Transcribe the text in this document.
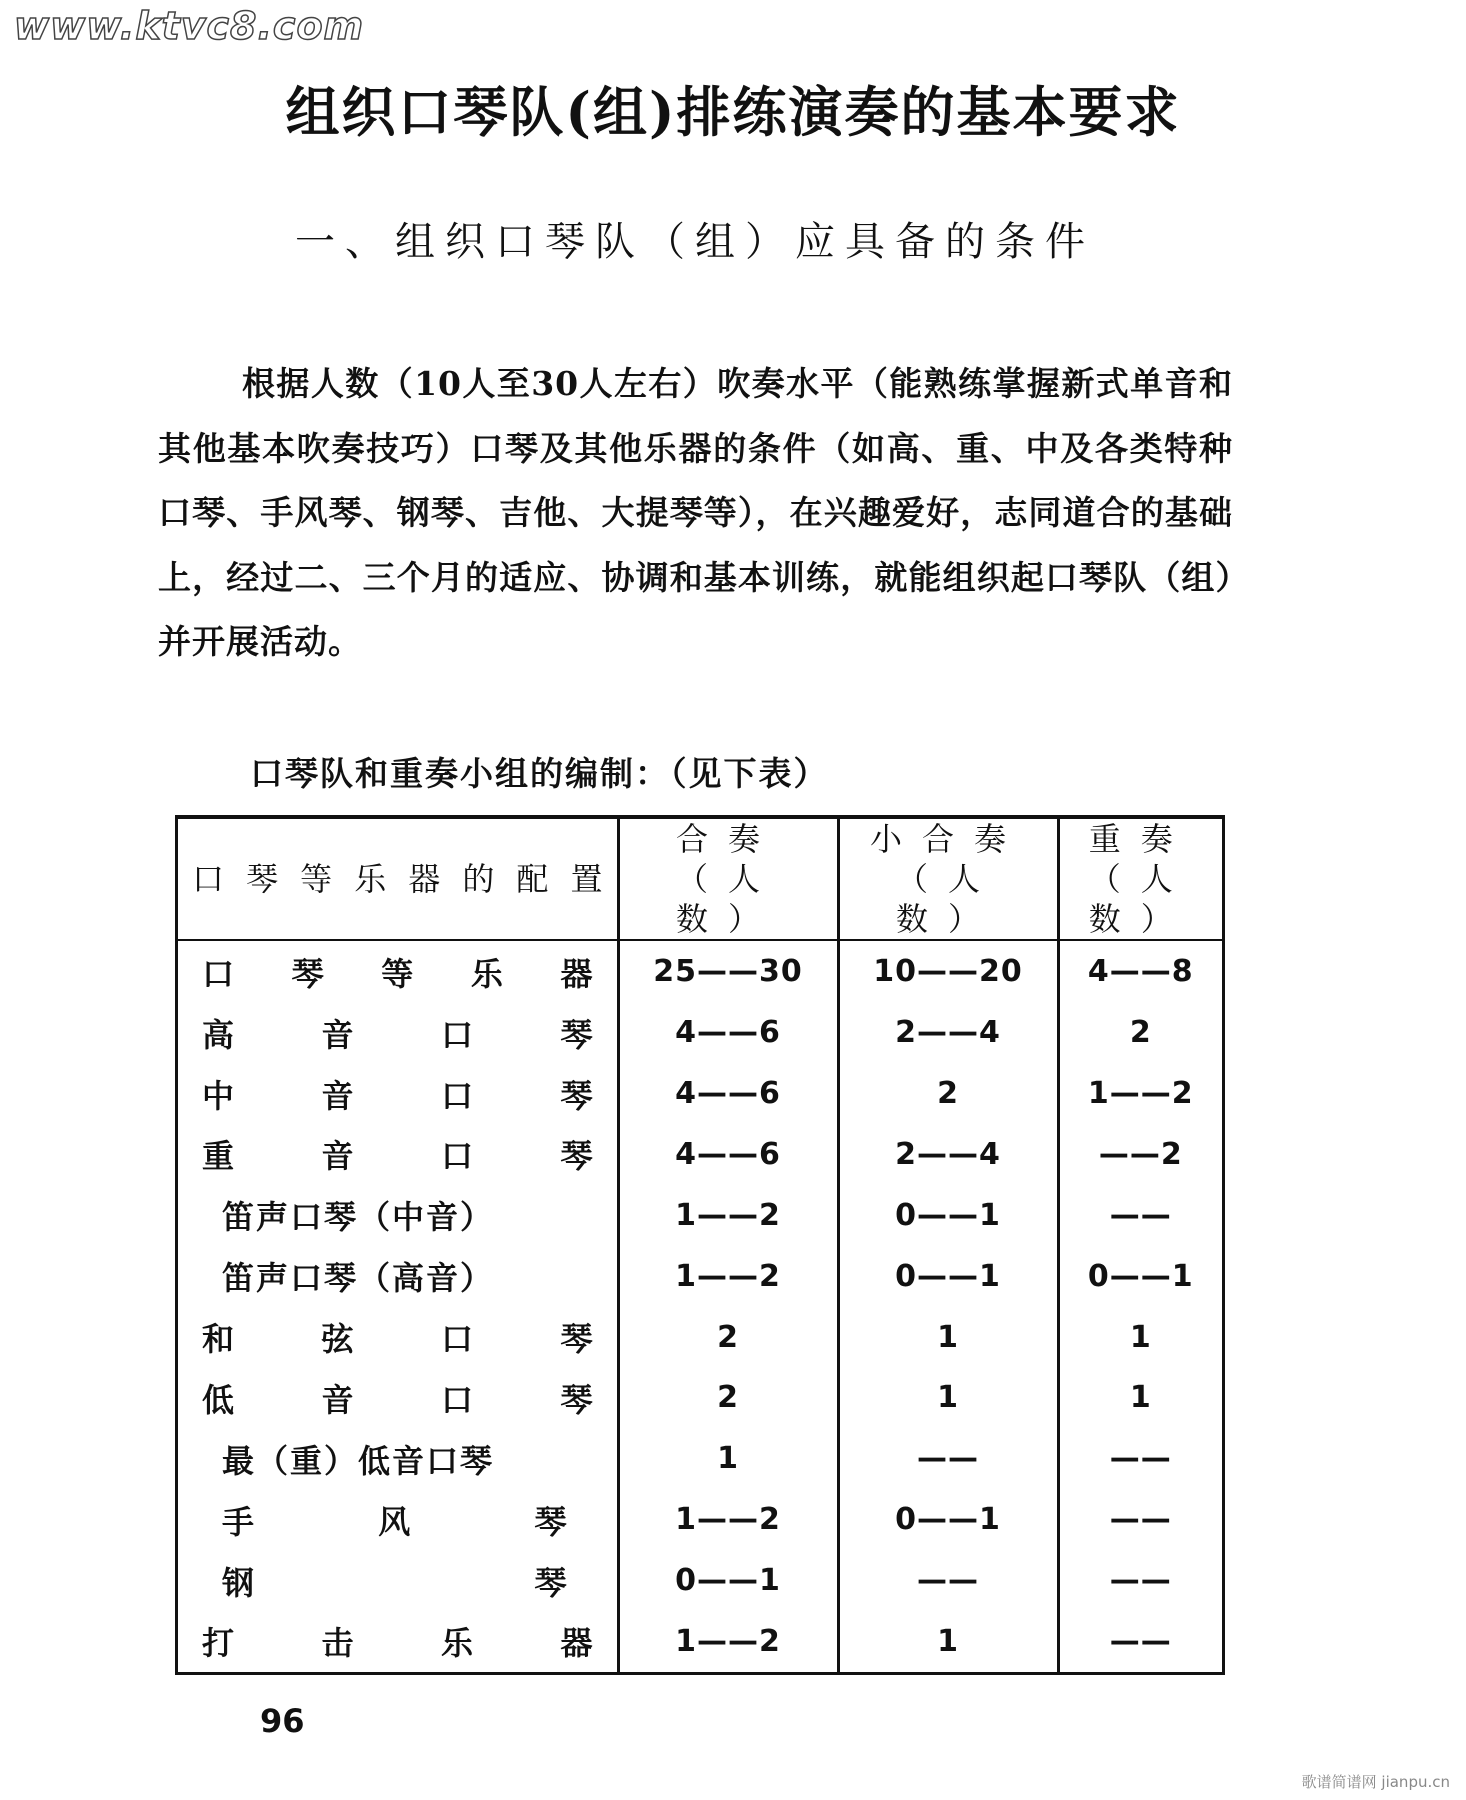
www.ktvc8.com
组织口琴队(组)排练演奏的基本要求
一、组织口琴队（组）应具备的条件

根据人数（10人至30人左右）吹奏水平（能熟练掌握新式单音和其他基本吹奏技巧）口琴及其他乐器的条件（如高、重、中及各类特种口琴、手风琴、钢琴、吉他、大提琴等），在兴趣爱好，志同道合的基础上，经过二、三个月的适应、协调和基本训练，就能组织起口琴队（组）并开展活动。

口琴队和重奏小组的编制：（见下表）
口琴等乐器的配置	合奏（人数）	小合奏（人数）	重奏（人数）
口琴等乐器	25——30	10——20	4——8
高音口琴	4——6	2——4	2
中音口琴	4——6	2	1——2
重音口琴	4——6	2——4	——2
笛声口琴（中音）	1——2	0——1	——
笛声口琴（高音）	1——2	0——1	0——1
和弦口琴	2	1	1
低音口琴	2	1	1
最（重）低音口琴	1	——	——
手风琴	1——2	0——1	——
钢琴	0——1	——	——
打击乐器	1——2	1	——
96
歌谱简谱网 jianpu.cn
